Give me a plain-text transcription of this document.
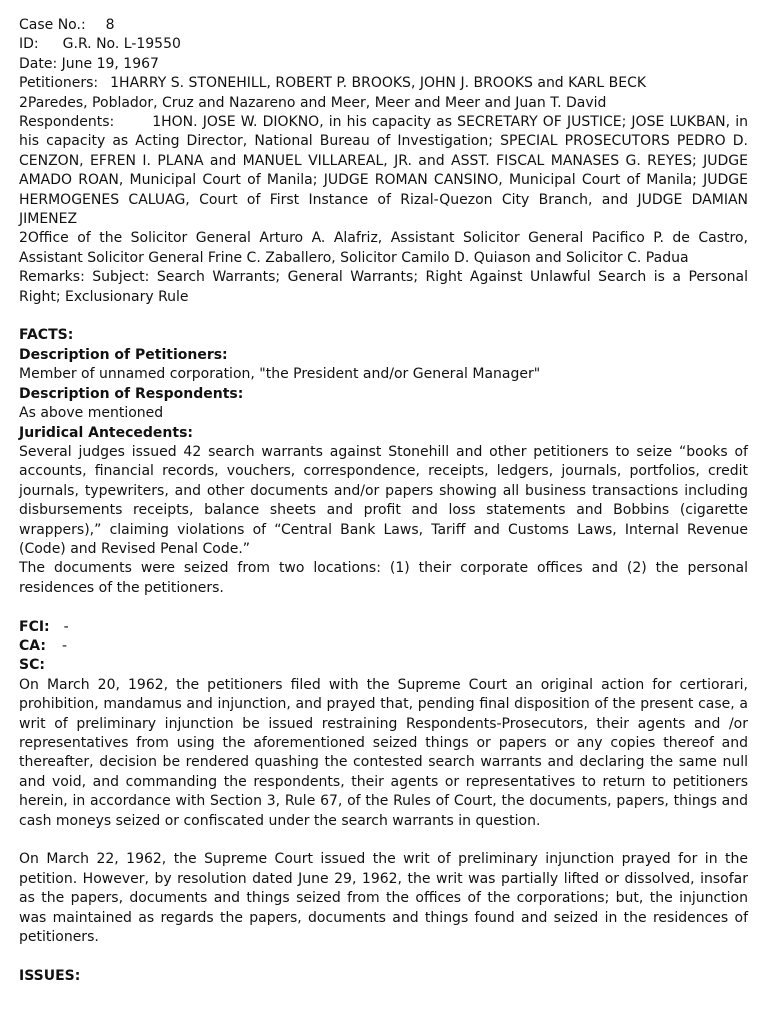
Case No.: 8
ID: G.R. No. L-19550
Date: June 19, 1967
Petitioners: 1HARRY S. STONEHILL, ROBERT P. BROOKS, JOHN J. BROOKS and KARL BECK
2Paredes, Poblador, Cruz and Nazareno and Meer, Meer and Meer and Juan T. David

Respondents:	1HON. JOSE W. DIOKNO, in his capacity as SECRETARY OF JUSTICE; JOSE LUKBAN, in his capacity as Acting Director, National Bureau of Investigation; SPECIAL PROSECUTORS PEDRO D. CENZON, EFREN I. PLANA and MANUEL VILLAREAL, JR. and ASST. FISCAL MANASES G. REYES; JUDGE AMADO ROAN, Municipal Court of Manila; JUDGE ROMAN CANSINO, Municipal Court of Manila; JUDGE HERMOGENES CALUAG, Court of First Instance of Rizal-Quezon City Branch, and JUDGE DAMIAN JIMENEZ

2Office of the Solicitor General Arturo A. Alafriz, Assistant Solicitor General Pacifico P. de Castro, Assistant Solicitor General Frine C. Zaballero, Solicitor Camilo D. Quiason and Solicitor C. Padua

Remarks: Subject: Search Warrants; General Warrants; Right Against Unlawful Search is a Personal Right; Exclusionary Rule

FACTS:
Description of Petitioners:
Member of unnamed corporation, "the President and/or General Manager"
Description of Respondents:
As above mentioned
Juridical Antecedents:

Several judges issued 42 search warrants against Stonehill and other petitioners to seize “books of accounts, financial records, vouchers, correspondence, receipts, ledgers, journals, portfolios, credit journals, typewriters, and other documents and/or papers showing all business transactions including disbursements receipts, balance sheets and profit and loss statements and Bobbins (cigarette wrappers),” claiming violations of “Central Bank Laws, Tariff and Customs Laws, Internal Revenue (Code) and Revised Penal Code.”

The documents were seized from two locations: (1) their corporate offices and (2) the personal residences of the petitioners.

FCI: -
CA: -
SC:

On March 20, 1962, the petitioners filed with the Supreme Court an original action for certiorari, prohibition, mandamus and injunction, and prayed that, pending final disposition of the present case, a writ of preliminary injunction be issued restraining Respondents-Prosecutors, their agents and /or representatives from using the aforementioned seized things or papers or any copies thereof and thereafter, decision be rendered quashing the contested search warrants and declaring the same null and void, and commanding the respondents, their agents or representatives to return to petitioners herein, in accordance with Section 3, Rule 67, of the Rules of Court, the documents, papers, things and cash moneys seized or confiscated under the search warrants in question.

On March 22, 1962, the Supreme Court issued the writ of preliminary injunction prayed for in the petition. However, by resolution dated June 29, 1962, the writ was partially lifted or dissolved, insofar as the papers, documents and things seized from the offices of the corporations; but, the injunction was maintained as regards the papers, documents and things found and seized in the residences of petitioners.

ISSUES:
